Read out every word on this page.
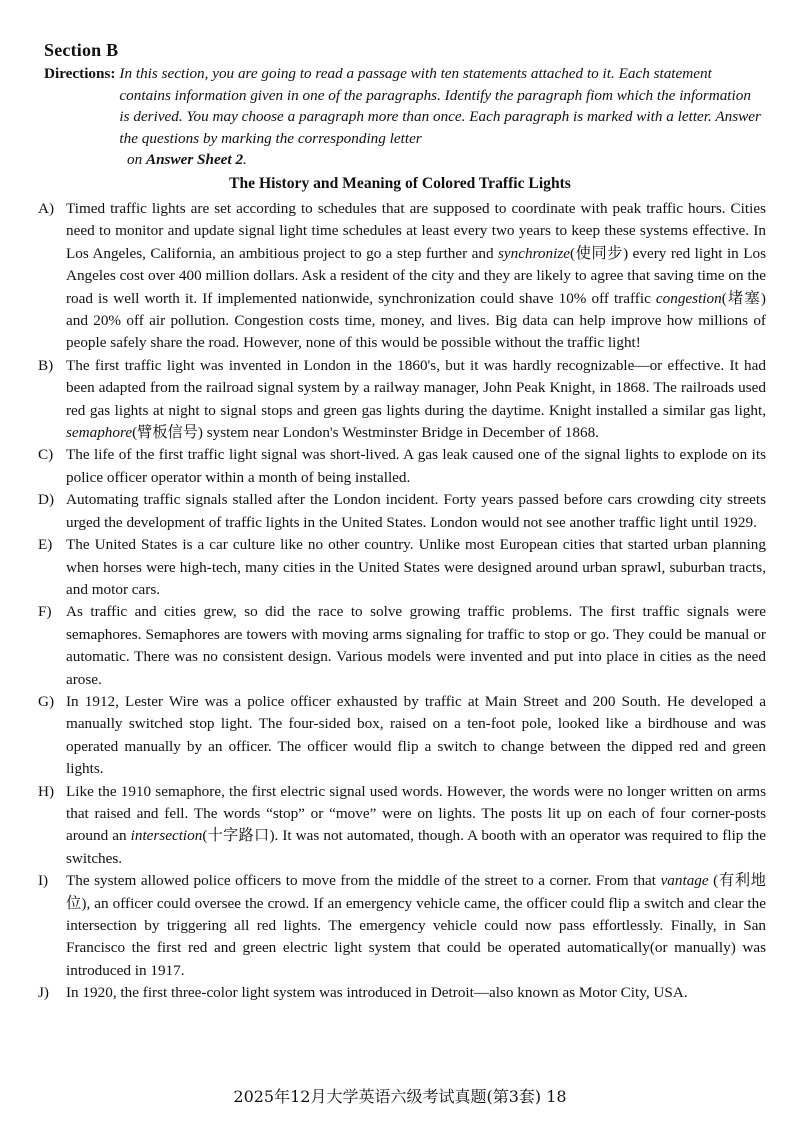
Section B
Directions: In this section, you are going to read a passage with ten statements attached to it. Each statement contains information given in one of the paragraphs. Identify the paragraph fiom which the information is derived. You may choose a paragraph more than once. Each paragraph is marked with a letter. Answer the questions by marking the corresponding letter
on Answer Sheet 2.
The History and Meaning of Colored Traffic Lights
A) Timed traffic lights are set according to schedules that are supposed to coordinate with peak traffic hours. Cities need to monitor and update signal light time schedules at least every two years to keep these systems effective. In Los Angeles, California, an ambitious project to go a step further and synchronize(使同步) every red light in Los Angeles cost over 400 million dollars. Ask a resident of the city and they are likely to agree that saving time on the road is well worth it. If implemented nationwide, synchronization could shave 10% off traffic congestion(堵塞) and 20% off air pollution. Congestion costs time, money, and lives. Big data can help improve how millions of people safely share the road. However, none of this would be possible without the traffic light!
B) The first traffic light was invented in London in the 1860's, but it was hardly recognizable—or effective. It had been adapted from the railroad signal system by a railway manager, John Peak Knight, in 1868. The railroads used red gas lights at night to signal stops and green gas lights during the daytime. Knight installed a similar gas light, semaphore(臂板信号) system near London's Westminster Bridge in December of 1868.
C) The life of the first traffic light signal was short-lived. A gas leak caused one of the signal lights to explode on its police officer operator within a month of being installed.
D) Automating traffic signals stalled after the London incident. Forty years passed before cars crowding city streets urged the development of traffic lights in the United States. London would not see another traffic light until 1929.
E) The United States is a car culture like no other country. Unlike most European cities that started urban planning when horses were high-tech, many cities in the United States were designed around urban sprawl, suburban tracts, and motor cars.
F) As traffic and cities grew, so did the race to solve growing traffic problems. The first traffic signals were semaphores. Semaphores are towers with moving arms signaling for traffic to stop or go. They could be manual or automatic. There was no consistent design. Various models were invented and put into place in cities as the need arose.
G) In 1912, Lester Wire was a police officer exhausted by traffic at Main Street and 200 South. He developed a manually switched stop light. The four-sided box, raised on a ten-foot pole, looked like a birdhouse and was operated manually by an officer. The officer would flip a switch to change between the dipped red and green lights.
H) Like the 1910 semaphore, the first electric signal used words. However, the words were no longer written on arms that raised and fell. The words “stop” or “move” were on lights. The posts lit up on each of four corner-posts around an intersection(十字路口). It was not automated, though. A booth with an operator was required to flip the switches.
I)	The system allowed police officers to move from the middle of the street to a corner. From that vantage (有利地位), an officer could oversee the crowd. If an emergency vehicle came, the officer could flip a switch and clear the intersection by triggering all red lights. The emergency vehicle could now pass effortlessly. Finally, in San Francisco the first red and green electric light system that could be operated automatically(or manually) was introduced in 1917.
J)	In 1920, the first three-color light system was introduced in Detroit—also known as Motor City, USA.
2025年12月大学英语六级考试真题(第3套) 18
